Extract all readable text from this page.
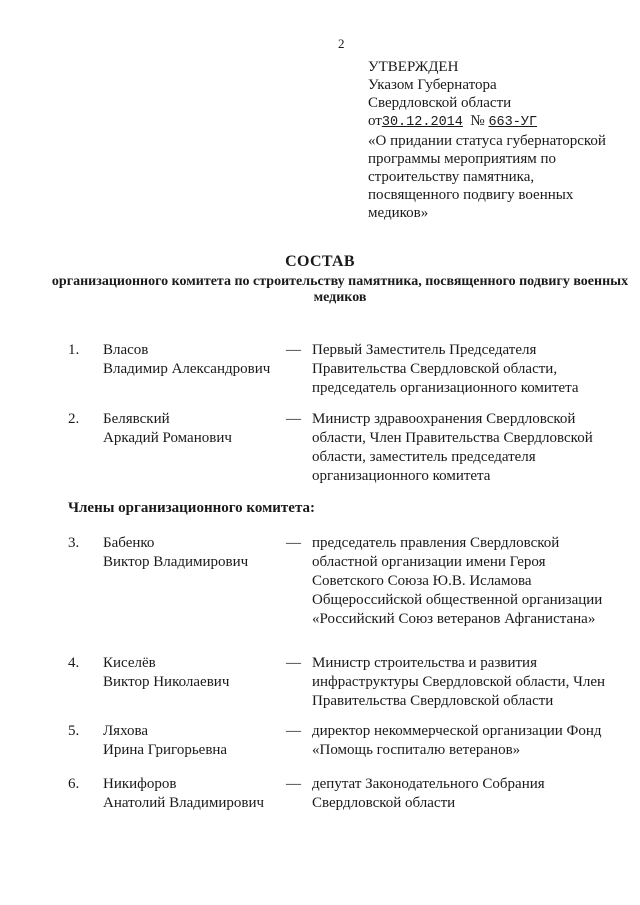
2
УТВЕРЖДЕН
Указом Губернатора
Свердловской области
от30.12.2014 № 663-УГ
«О придании статуса губернаторской программы мероприятиям по строительству памятника, посвященного подвигу военных медиков»
СОСТАВ
организационного комитета по строительству памятника, посвященного подвигу военных медиков
1. Власов
Владимир Александрович
— Первый Заместитель Председателя Правительства Свердловской области, председатель организационного комитета
2. Белявский
Аркадий Романович
— Министр здравоохранения Свердловской области, Член Правительства Свердловской области, заместитель председателя организационного комитета
Члены организационного комитета:
3. Бабенко
Виктор Владимирович
— председатель правления Свердловской областной организации имени Героя Советского Союза Ю.В. Исламова Общероссийской общественной организации «Российский Союз ветеранов Афганистана»
4. Киселёв
Виктор Николаевич
— Министр строительства и развития инфраструктуры Свердловской области, Член Правительства Свердловской области
5. Ляхова
Ирина Григорьевна
— директор некоммерческой организации Фонд «Помощь госпиталю ветеранов»
6. Никифоров
Анатолий Владимирович
— депутат Законодательного Собрания Свердловской области
